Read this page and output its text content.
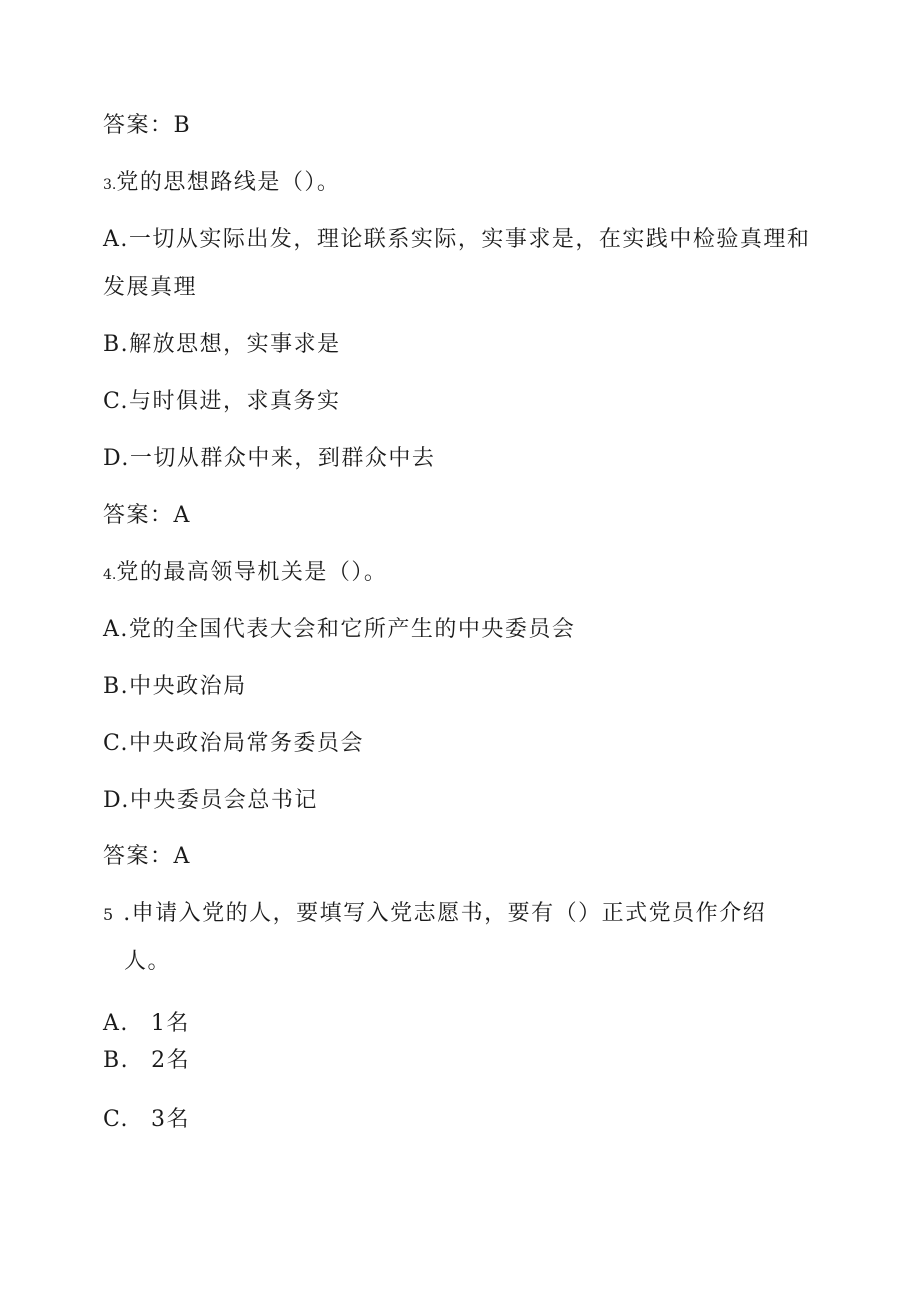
答案：B
3.党的思想路线是（）。
A.一切从实际出发，理论联系实际，实事求是，在实践中检验真理和
发展真理
B.解放思想，实事求是
C.与时俱进，求真务实
D.一切从群众中来，到群众中去
答案：A
4.党的最高领导机关是（）。
A.党的全国代表大会和它所产生的中央委员会
B.中央政治局
C.中央政治局常务委员会
D.中央委员会总书记
答案：A
5 .申请入党的人，要填写入党志愿书，要有（）正式党员作介绍
人。
A. 1名
B. 2名
C. 3名
